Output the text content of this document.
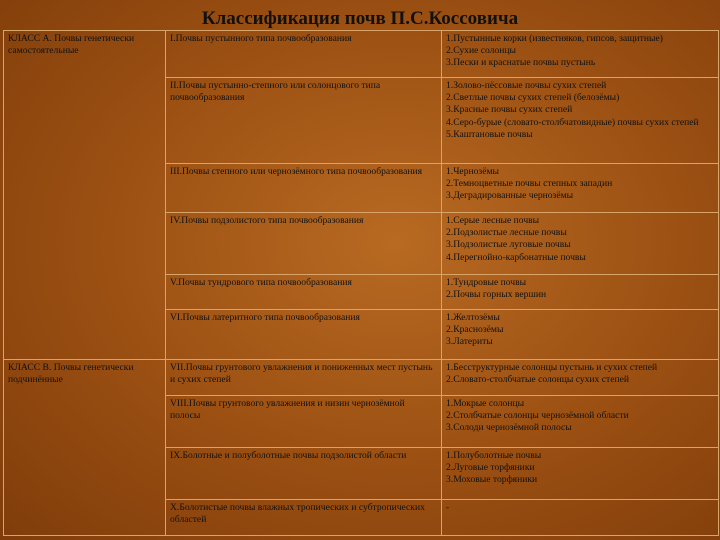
Классификация почв П.С.Коссовича
КЛАСС А. Почвы генетически самостоятельные	I.Почвы пустынного типа почвообразования	1.Пустынные корки (известняков, гипсов, защитные)
2.Сухие солонцы
3.Пески и краснатые почвы пустынь

	II.Почвы пустынно-степного или солонцового типа почвообразования	1.Золово-пёссовые почвы сухих степей
2.Светлые почвы сухих степей (белозёмы)
3.Красные почвы сухих степей
4.Серо-бурые (словато-столбчатовидные) почвы сухих степей
5.Каштановые почвы

	III.Почвы степного или чернозёмного типа почвообразования	1.Чернозёмы
2.Темноцветные почвы степных западин
3.Деградированные чернозёмы

	IV.Почвы подзолистого типа почвообразования	1.Серые лесные почвы
2.Подзолистые лесные почвы
3.Подзолистые луговые почвы
4.Перегнойно-карбонатные почвы

	V.Почвы тундрового типа почвообразования	1.Тундровые почвы
2.Почвы горных вершин

	VI.Почвы латеритного типа почвообразования	1.Желтозёмы
2.Краснозёмы
3.Латериты

КЛАСС В. Почвы генетически подчинённые	VII.Почвы грунтового увлажнения и пониженных мест пустынь и сухих степей	1.Бесструктурные солонцы пустынь и сухих степей
2.Словато-столбчатые солонцы сухих степей

	VIII.Почвы грунтового увлажнения и низин чернозёмной полосы	1.Мокрые солонцы
2.Столбчатые солонцы чернозёмной области
3.Солоди чернозёмной полосы

	IX.Болотные и полуболотные почвы подзолистой области	1.Полуболотные почвы
2.Луговые торфяники
3.Моховые торфяники

	X.Болотистые почвы влажных тропических и субтропических областей	-
